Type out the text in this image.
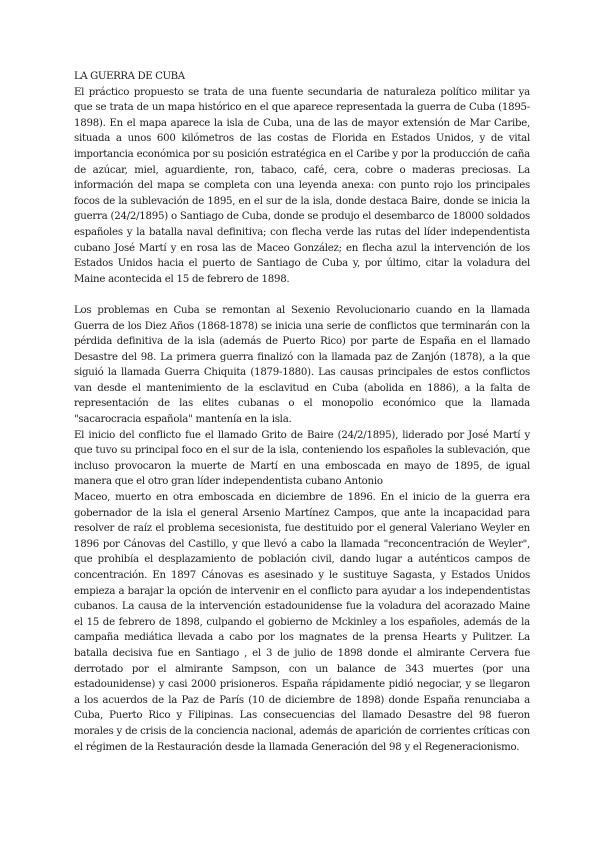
LA GUERRA DE CUBA

El práctico propuesto se trata de una fuente secundaria de naturaleza político militar ya que se trata de un mapa histórico en el que aparece representada la guerra de Cuba (1895-1898). En el mapa aparece la isla de Cuba, una de las de mayor extensión de Mar Caribe, situada a unos 600 kilómetros de las costas de Florida en Estados Unidos, y de vital importancia económica por su posición estratégica en el Caribe y por la producción de caña de azúcar, miel, aguardiente, ron, tabaco, café, cera, cobre o maderas preciosas. La información del mapa se completa con una leyenda anexa: con punto rojo los principales focos de la sublevación de 1895, en el sur de la isla, donde destaca Baire, donde se inicia la guerra (24/2/1895) o Santiago de Cuba, donde se produjo el desembarco de 18000 soldados españoles y la batalla naval definitiva; con flecha verde las rutas del líder independentista cubano José Martí y en rosa las de Maceo González; en flecha azul la intervención de los Estados Unidos hacia el puerto de Santiago de Cuba y, por último, citar la voladura del Maine acontecida el 15 de febrero de 1898.

Los problemas en Cuba se remontan al Sexenio Revolucionario cuando en la llamada Guerra de los Diez Años (1868-1878) se inicia una serie de conflictos que terminarán con la pérdida definitiva de la isla (además de Puerto Rico) por parte de España en el llamado Desastre del 98. La primera guerra finalizó con la llamada paz de Zanjón (1878), a la que siguió la llamada Guerra Chiquita (1879-1880). Las causas principales de estos conflictos van desde el mantenimiento de la esclavitud en Cuba (abolida en 1886), a la falta de representación de las elites cubanas o el monopolio económico que la llamada "sacarocracia española" mantenía en la isla.

El inicio del conflicto fue el llamado Grito de Baire (24/2/1895), liderado por José Martí y que tuvo su principal foco en el sur de la isla, conteniendo los españoles la sublevación, que incluso provocaron la muerte de Martí en una emboscada en mayo de 1895, de igual manera que el otro gran líder independentista cubano Antonio

Maceo, muerto en otra emboscada en diciembre de 1896. En el inicio de la guerra era gobernador de la isla el general Arsenio Martínez Campos, que ante la incapacidad para resolver de raíz el problema secesionista, fue destituido por el general Valeriano Weyler en 1896 por Cánovas del Castillo, y que llevó a cabo la llamada "reconcentración de Weyler", que prohibía el desplazamiento de población civil, dando lugar a auténticos campos de concentración. En 1897 Cánovas es asesinado y le sustituye Sagasta, y Estados Unidos empieza a barajar la opción de intervenir en el conflicto para ayudar a los independentistas cubanos. La causa de la intervención estadounidense fue la voladura del acorazado Maine el 15 de febrero de 1898, culpando el gobierno de Mckinley a los españoles, además de la campaña mediática llevada a cabo por los magnates de la prensa Hearts y Pulitzer. La batalla decisiva fue en Santiago , el 3 de julio de 1898 donde el almirante Cervera fue derrotado por el almirante Sampson, con un balance de 343 muertes (por una estadounidense) y casi 2000 prisioneros. España rápidamente pidió negociar, y se llegaron a los acuerdos de la Paz de París (10 de diciembre de 1898) donde España renunciaba a Cuba, Puerto Rico y Filipinas. Las consecuencias del llamado Desastre del 98 fueron morales y de crisis de la conciencia nacional, además de aparición de corrientes críticas con el régimen de la Restauración desde la llamada Generación del 98 y el Regeneracionismo.
